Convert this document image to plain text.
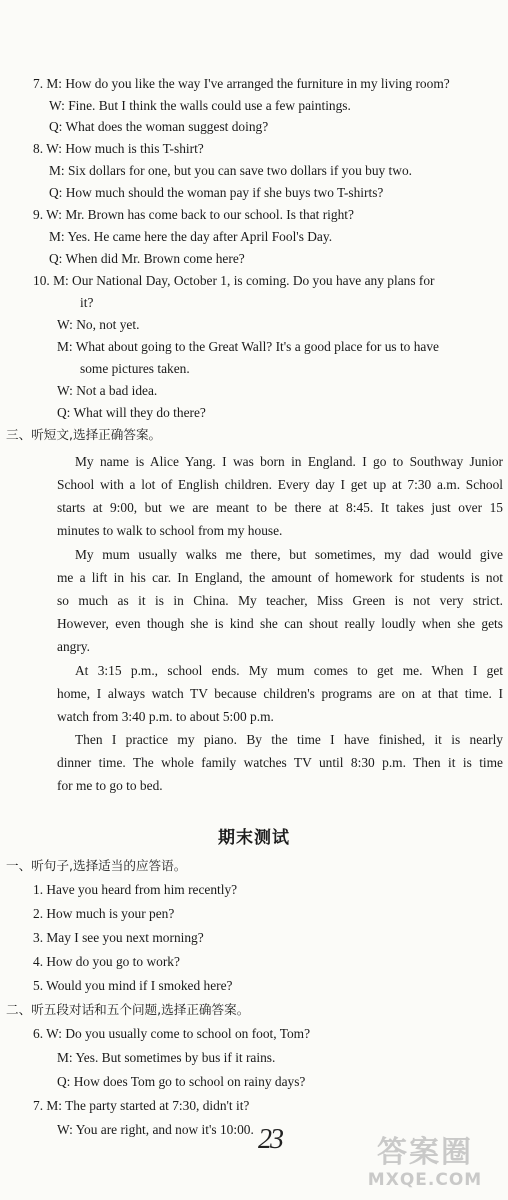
7. M: How do you like the way I've arranged the furniture in my living room?
W: Fine. But I think the walls could use a few paintings.
Q: What does the woman suggest doing?
8. W: How much is this T-shirt?
M: Six dollars for one, but you can save two dollars if you buy two.
Q: How much should the woman pay if she buys two T-shirts?
9. W: Mr. Brown has come back to our school. Is that right?
M: Yes. He came here the day after April Fool's Day.
Q: When did Mr. Brown come here?
10. M: Our National Day, October 1, is coming. Do you have any plans for
it?
W: No, not yet.
M: What about going to the Great Wall? It's a good place for us to have
some pictures taken.
W: Not a bad idea.
Q: What will they do there?
三、听短文,选择正确答案。
My name is Alice Yang. I was born in England. I go to Southway Junior
School with a lot of English children. Every day I get up at 7:30 a.m. School
starts at 9:00, but we are meant to be there at 8:45. It takes just over 15
minutes to walk to school from my house.
My mum usually walks me there, but sometimes, my dad would give
me a lift in his car. In England, the amount of homework for students is not
so much as it is in China. My teacher, Miss Green is not very strict.
However, even though she is kind she can shout really loudly when she gets
angry.
At 3:15 p.m., school ends. My mum comes to get me. When I get
home, I always watch TV because children's programs are on at that time. I
watch from 3:40 p.m. to about 5:00 p.m.
Then I practice my piano. By the time I have finished, it is nearly
dinner time. The whole family watches TV until 8:30 p.m. Then it is time
for me to go to bed.
期末测试
一、听句子,选择适当的应答语。
1. Have you heard from him recently?
2. How much is your pen?
3. May I see you next morning?
4. How do you go to work?
5. Would you mind if I smoked here?
二、听五段对话和五个问题,选择正确答案。
6. W: Do you usually come to school on foot, Tom?
M: Yes. But sometimes by bus if it rains.
Q: How does Tom go to school on rainy days?
7. M: The party started at 7:30, didn't it?
W: You are right, and now it's 10:00. 23	答案圈
MXQE.COM
